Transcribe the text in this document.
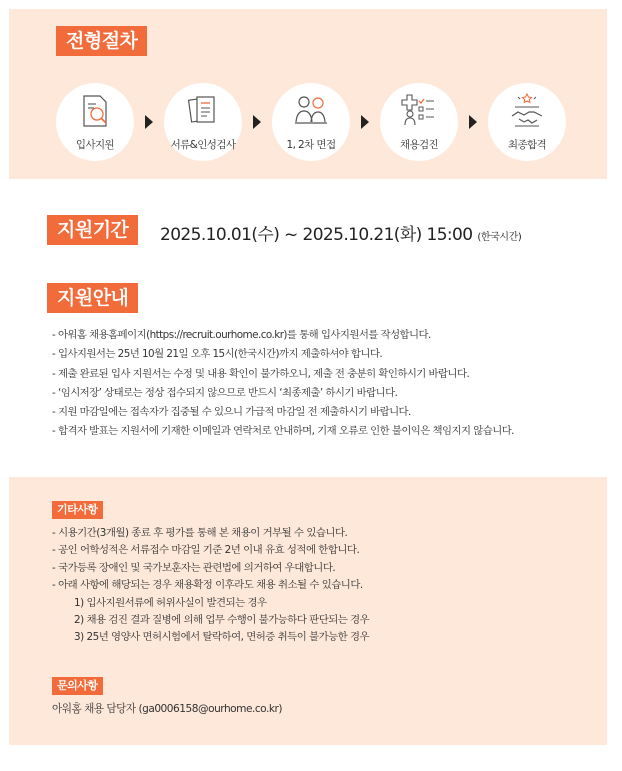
전형절차
입사지원	서류&인성검사	1, 2차 면접	채용검진	최종합격
지원기간	2025.10.01(수) ~ 2025.10.21(화) 15:00 (한국시간)
지원안내
- 아워홈 채용홈페이지(https://recruit.ourhome.co.kr)를 통해 입사지원서를 작성합니다.
- 입사지원서는 25년 10월 21일 오후 15시(한국시간)까지 제출하셔야 합니다.
- 제출 완료된 입사 지원서는 수정 및 내용 확인이 불가하오니, 제출 전 충분히 확인하시기 바랍니다.
- ‘임시저장’ 상태로는 정상 접수되지 않으므로 반드시 ‘최종제출’ 하시기 바랍니다.
- 지원 마감일에는 접속자가 집중될 수 있으니 가급적 마감일 전 제출하시기 바랍니다.
- 합격자 발표는 지원서에 기재한 이메일과 연락처로 안내하며, 기재 오류로 인한 불이익은 책임지지 않습니다.
기타사항
- 시용기간(3개월) 종료 후 평가를 통해 본 채용이 거부될 수 있습니다.
- 공인 어학성적은 서류접수 마감일 기준 2년 이내 유효 성적에 한합니다.
- 국가등록 장애인 및 국가보훈자는 관련법에 의거하여 우대합니다.
- 아래 사항에 해당되는 경우 채용확정 이후라도 채용 취소될 수 있습니다.
1) 입사지원서류에 허위사실이 발견되는 경우
2) 채용 검진 결과 질병에 의해 업무 수행이 불가능하다 판단되는 경우
3) 25년 영양사 면허시험에서 탈락하여, 면허증 취득이 불가능한 경우
문의사항
아워홈 채용 담당자 (ga0006158@ourhome.co.kr)
